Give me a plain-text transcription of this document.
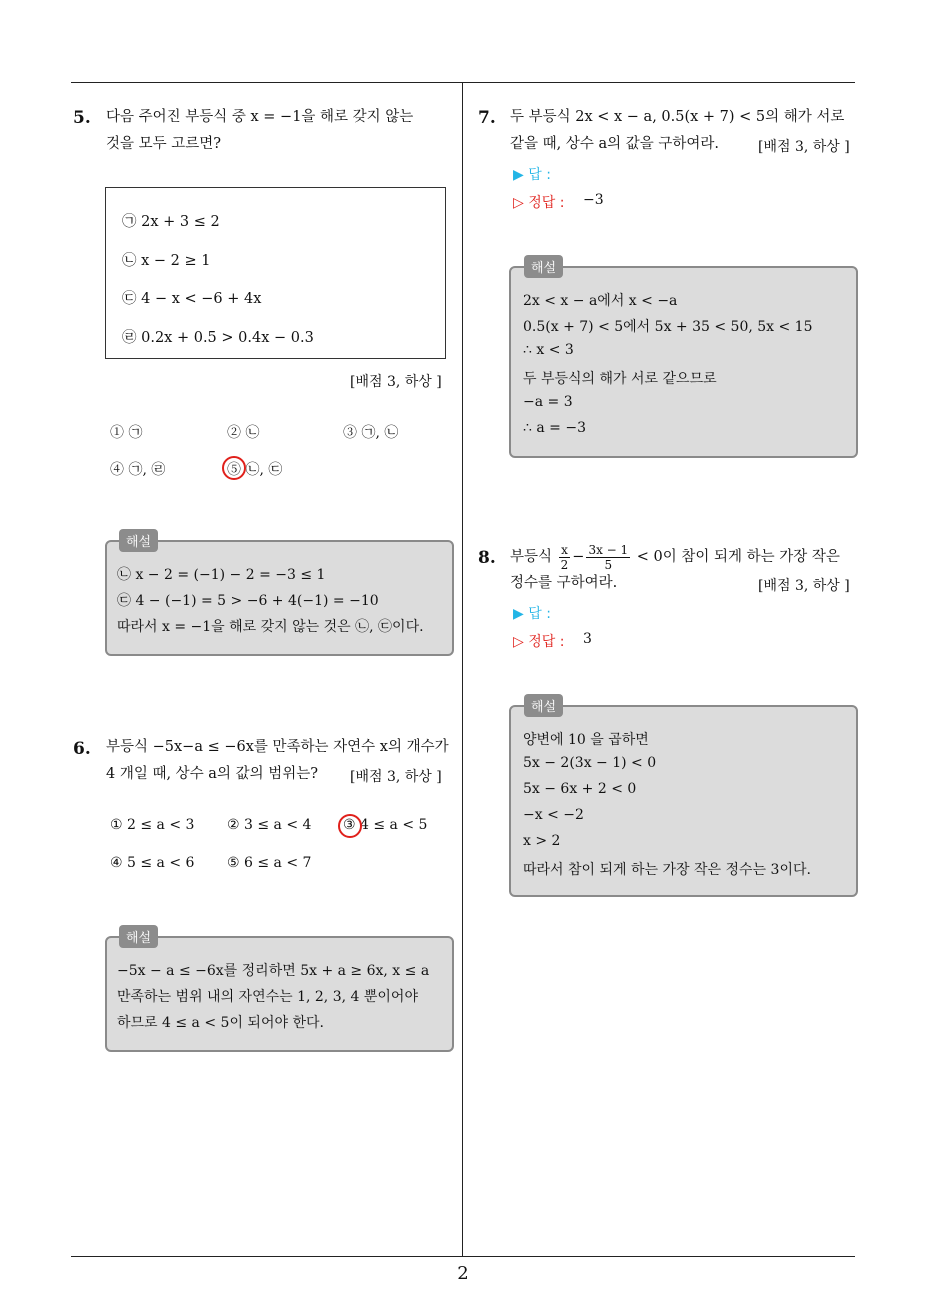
5. 다음 주어진 부등식 중 x = −1을 해로 갖지 않는
것을 모두 고르면?
㉠ 2x + 3 ≤ 2
㉡ x − 2 ≥ 1
㉢ 4 − x < −6 + 4x
㉣ 0.2x + 0.5 > 0.4x − 0.3
[배점 3, 하상 ]
① ㉠	② ㉡	③ ㉠, ㉡
④ ㉠, ㉣	⑤ ㉡, ㉢
㉡ x − 2 = (−1) − 2 = −3 ≤ 1
㉢ 4 − (−1) = 5 > −6 + 4(−1) = −10
따라서 x = −1을 해로 갖지 않는 것은 ㉡, ㉢이다.
해설
6. 부등식 −5x−a ≤ −6x를 만족하는 자연수 x의 개수가
4 개일 때, 상수 a의 값의 범위는? [배점 3, 하상 ]
① 2 ≤ a < 3 ② 3 ≤ a < 4 ③ 4 ≤ a < 5
④ 5 ≤ a < 6 ⑤ 6 ≤ a < 7
−5x − a ≤ −6x를 정리하면 5x + a ≥ 6x, x ≤ a
만족하는 범위 내의 자연수는 1, 2, 3, 4 뿐이어야
하므로 4 ≤ a < 5이 되어야 한다.
해설
7. 두 부등식 2x < x − a, 0.5(x + 7) < 5의 해가 서로
같을 때, 상수 a의 값을 구하여라.	[배점 3, 하상 ]
▶ 답 :
▷ 정답 : −3
2x < x − a에서 x < −a
0.5(x + 7) < 5에서 5x + 35 < 50, 5x < 15
∴ x < 3
두 부등식의 해가 서로 같으므로
−a = 3
∴ a = −3
해설
8. 부등식 $\frac{x}{2} - \frac{3x - 1}{5} < 0$이 참이 되게 하는 가장 작은
정수를 구하여라.	[배점 3, 하상 ]
▶ 답 :
▷ 정답 : 3
양변에 10 을 곱하면
5x − 2(3x − 1) < 0
5x − 6x + 2 < 0
−x < −2
x > 2
따라서 참이 되게 하는 가장 작은 정수는 3이다.
해설
2
